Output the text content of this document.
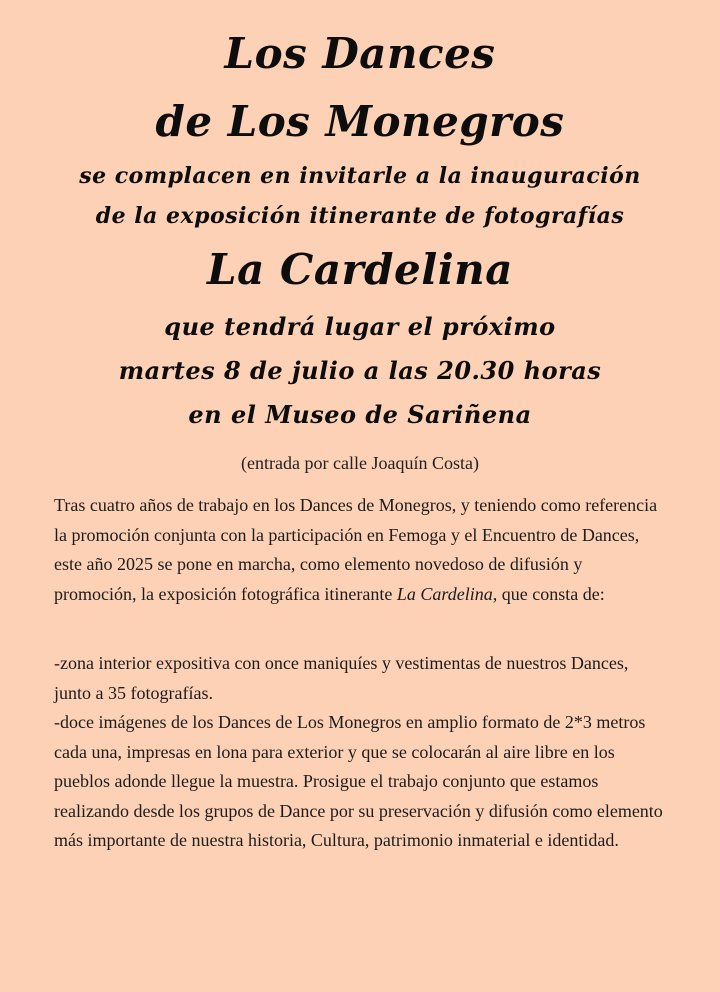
Los Dances
de Los Monegros
se complacen en invitarle a la inauguración
de la exposición itinerante de fotografías
La Cardelina
que tendrá lugar el próximo
martes 8 de julio a las 20.30 horas
en el Museo de Sariñena
(entrada por calle Joaquín Costa)

Tras cuatro años de trabajo en los Dances de Monegros, y teniendo como referencia la promoción conjunta con la participación en Femoga y el Encuentro de Dances, este año 2025 se pone en marcha, como elemento novedoso de difusión y promoción, la exposición fotográfica itinerante La Cardelina, que consta de:

-zona interior expositiva con once maniquíes y vestimentas de nuestros Dances, junto a 35 fotografías.

-doce imágenes de los Dances de Los Monegros en amplio formato de 2*3 metros cada una, impresas en lona para exterior y que se colocarán al aire libre en los pueblos adonde llegue la muestra. Prosigue el trabajo conjunto que estamos realizando desde los grupos de Dance por su preservación y difusión como elemento más importante de nuestra historia, Cultura, patrimonio inmaterial e identidad.
